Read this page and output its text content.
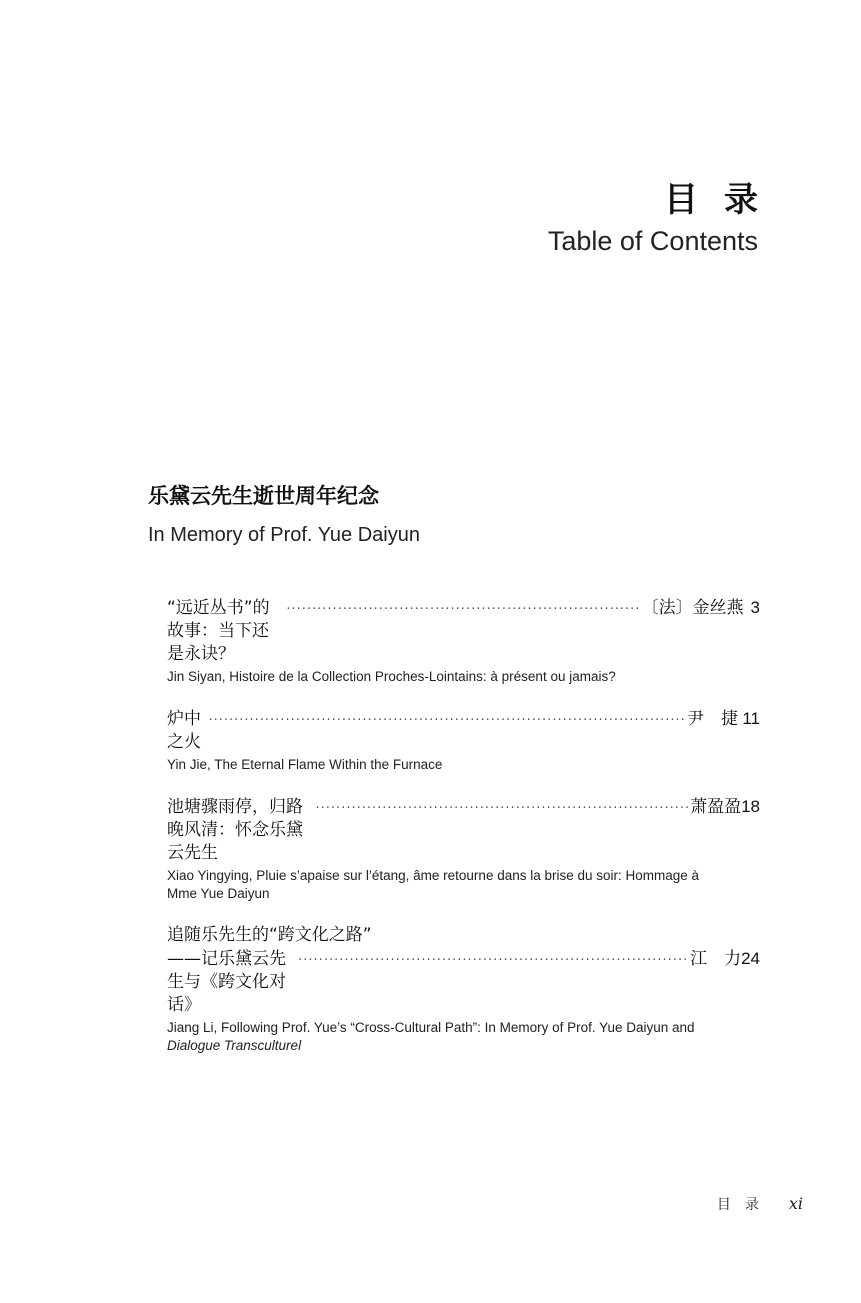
目录
Table of Contents
乐黛云先生逝世周年纪念
In Memory of Prof. Yue Daiyun
“远近丛书”的故事：当下还是永诀？
·····
〔法〕金丝燕 3
Jin Siyan, Histoire de la Collection Proches-Lointains: à présent ou jamais?
炉中之火
·····
尹　捷 11
Yin Jie, The Eternal Flame Within the Furnace
池塘骤雨停，归路晚风清：怀念乐黛云先生
·····
萧盈盈 18
Xiao Yingying, Pluie s’apaise sur l’étang, âme retourne dans la brise du soir: Hommage à Mme Yue Daiyun
追随乐先生的“跨文化之路”
——记乐黛云先生与《跨文化对话》
·····
江　力 24
Jiang Li, Following Prof. Yue’s “Cross-Cultural Path”: In Memory of Prof. Yue Daiyun and Dialogue Transculturel
目录 xi
